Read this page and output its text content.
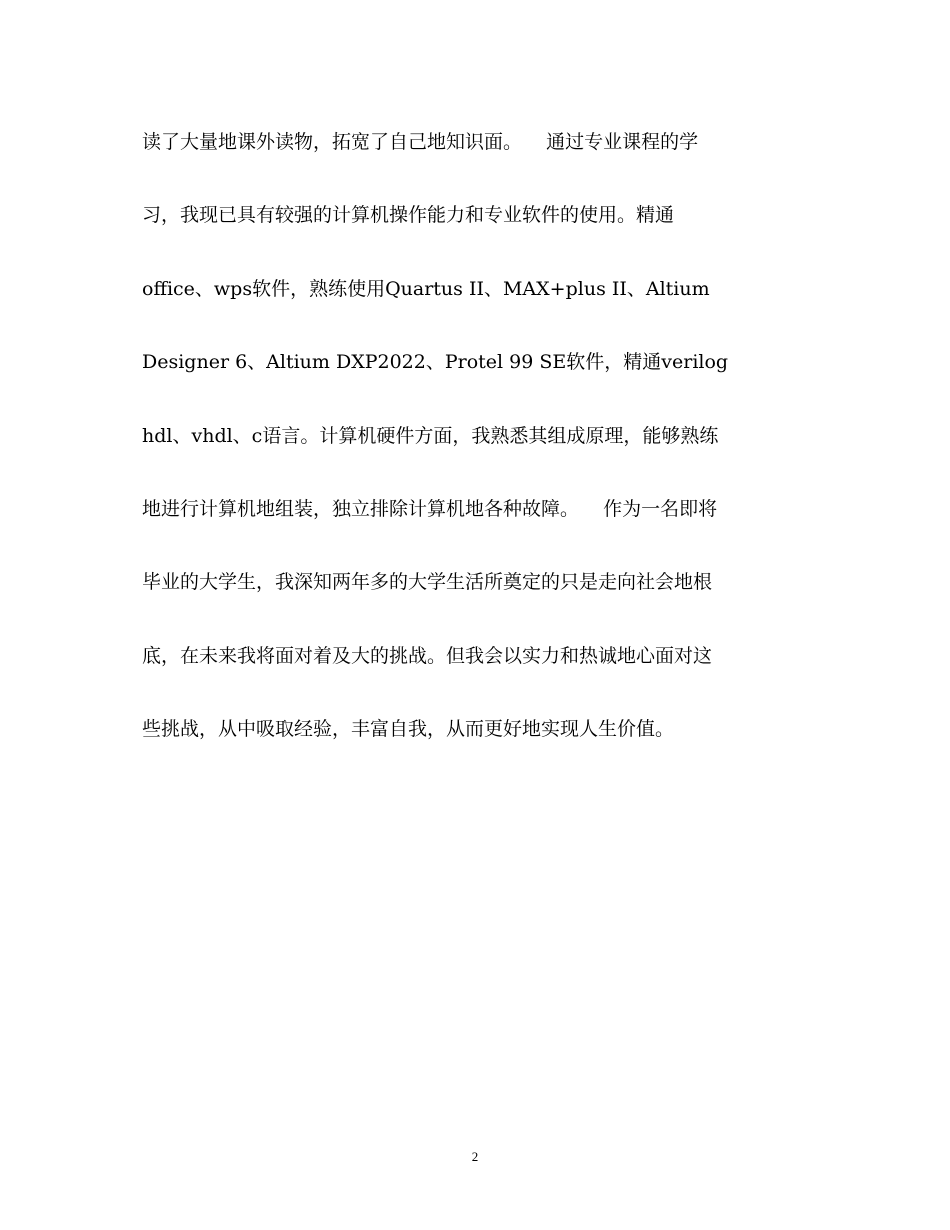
读了大量地课外读物，拓宽了自己地知识面。    通过专业课程的学
习，我现已具有较强的计算机操作能力和专业软件的使用。精通
office、wps软件，熟练使用Quartus II、MAX+plus II、Altium
Designer 6、Altium DXP2022、Protel 99 SE软件，精通verilog
hdl、vhdl、c语言。计算机硬件方面，我熟悉其组成原理，能够熟练
地进行计算机地组装，独立排除计算机地各种故障。    作为一名即将
毕业的大学生，我深知两年多的大学生活所奠定的只是走向社会地根
底，在未来我将面对着及大的挑战。但我会以实力和热诚地心面对这
些挑战，从中吸取经验，丰富自我，从而更好地实现人生价值。
2
